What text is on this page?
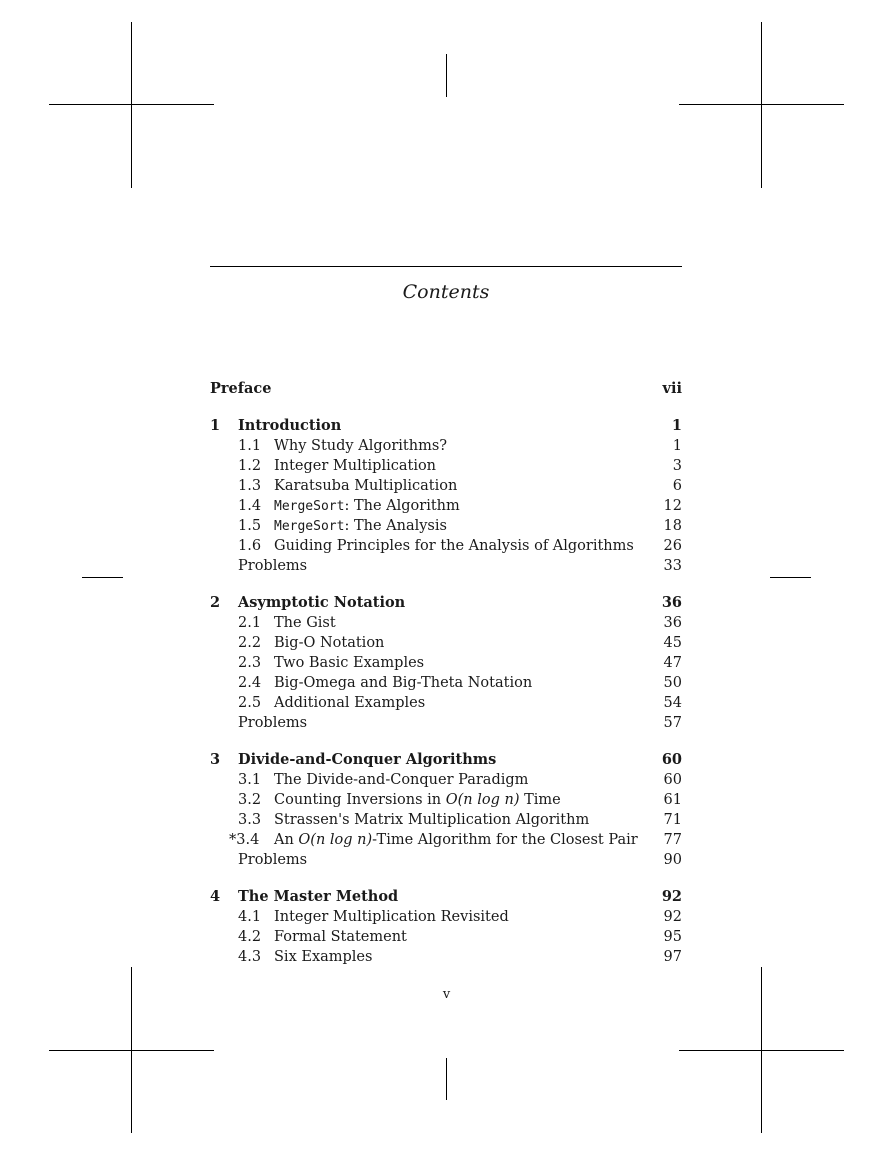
Contents
Preface	vii
1 Introduction	1
1.1 Why Study Algorithms?	1
1.2 Integer Multiplication	3
1.3 Karatsuba Multiplication	6
1.4 MergeSort: The Algorithm	12
1.5 MergeSort: The Analysis	18
1.6 Guiding Principles for the Analysis of Algorithms 26
Problems	33
2 Asymptotic Notation	36
2.1 The Gist	36
2.2 Big-O Notation	45
2.3 Two Basic Examples	47
2.4 Big-Omega and Big-Theta Notation	50
2.5 Additional Examples	54
Problems	57
3 Divide-and-Conquer Algorithms	60
3.1 The Divide-and-Conquer Paradigm	60
3.2 Counting Inversions in O(n log n) Time	61
3.3 Strassen's Matrix Multiplication Algorithm	71
*3.4 An O(n log n)-Time Algorithm for the Closest Pair 77
Problems	90
4 The Master Method	92
4.1 Integer Multiplication Revisited	92
4.2 Formal Statement	95
4.3 Six Examples	97
v
